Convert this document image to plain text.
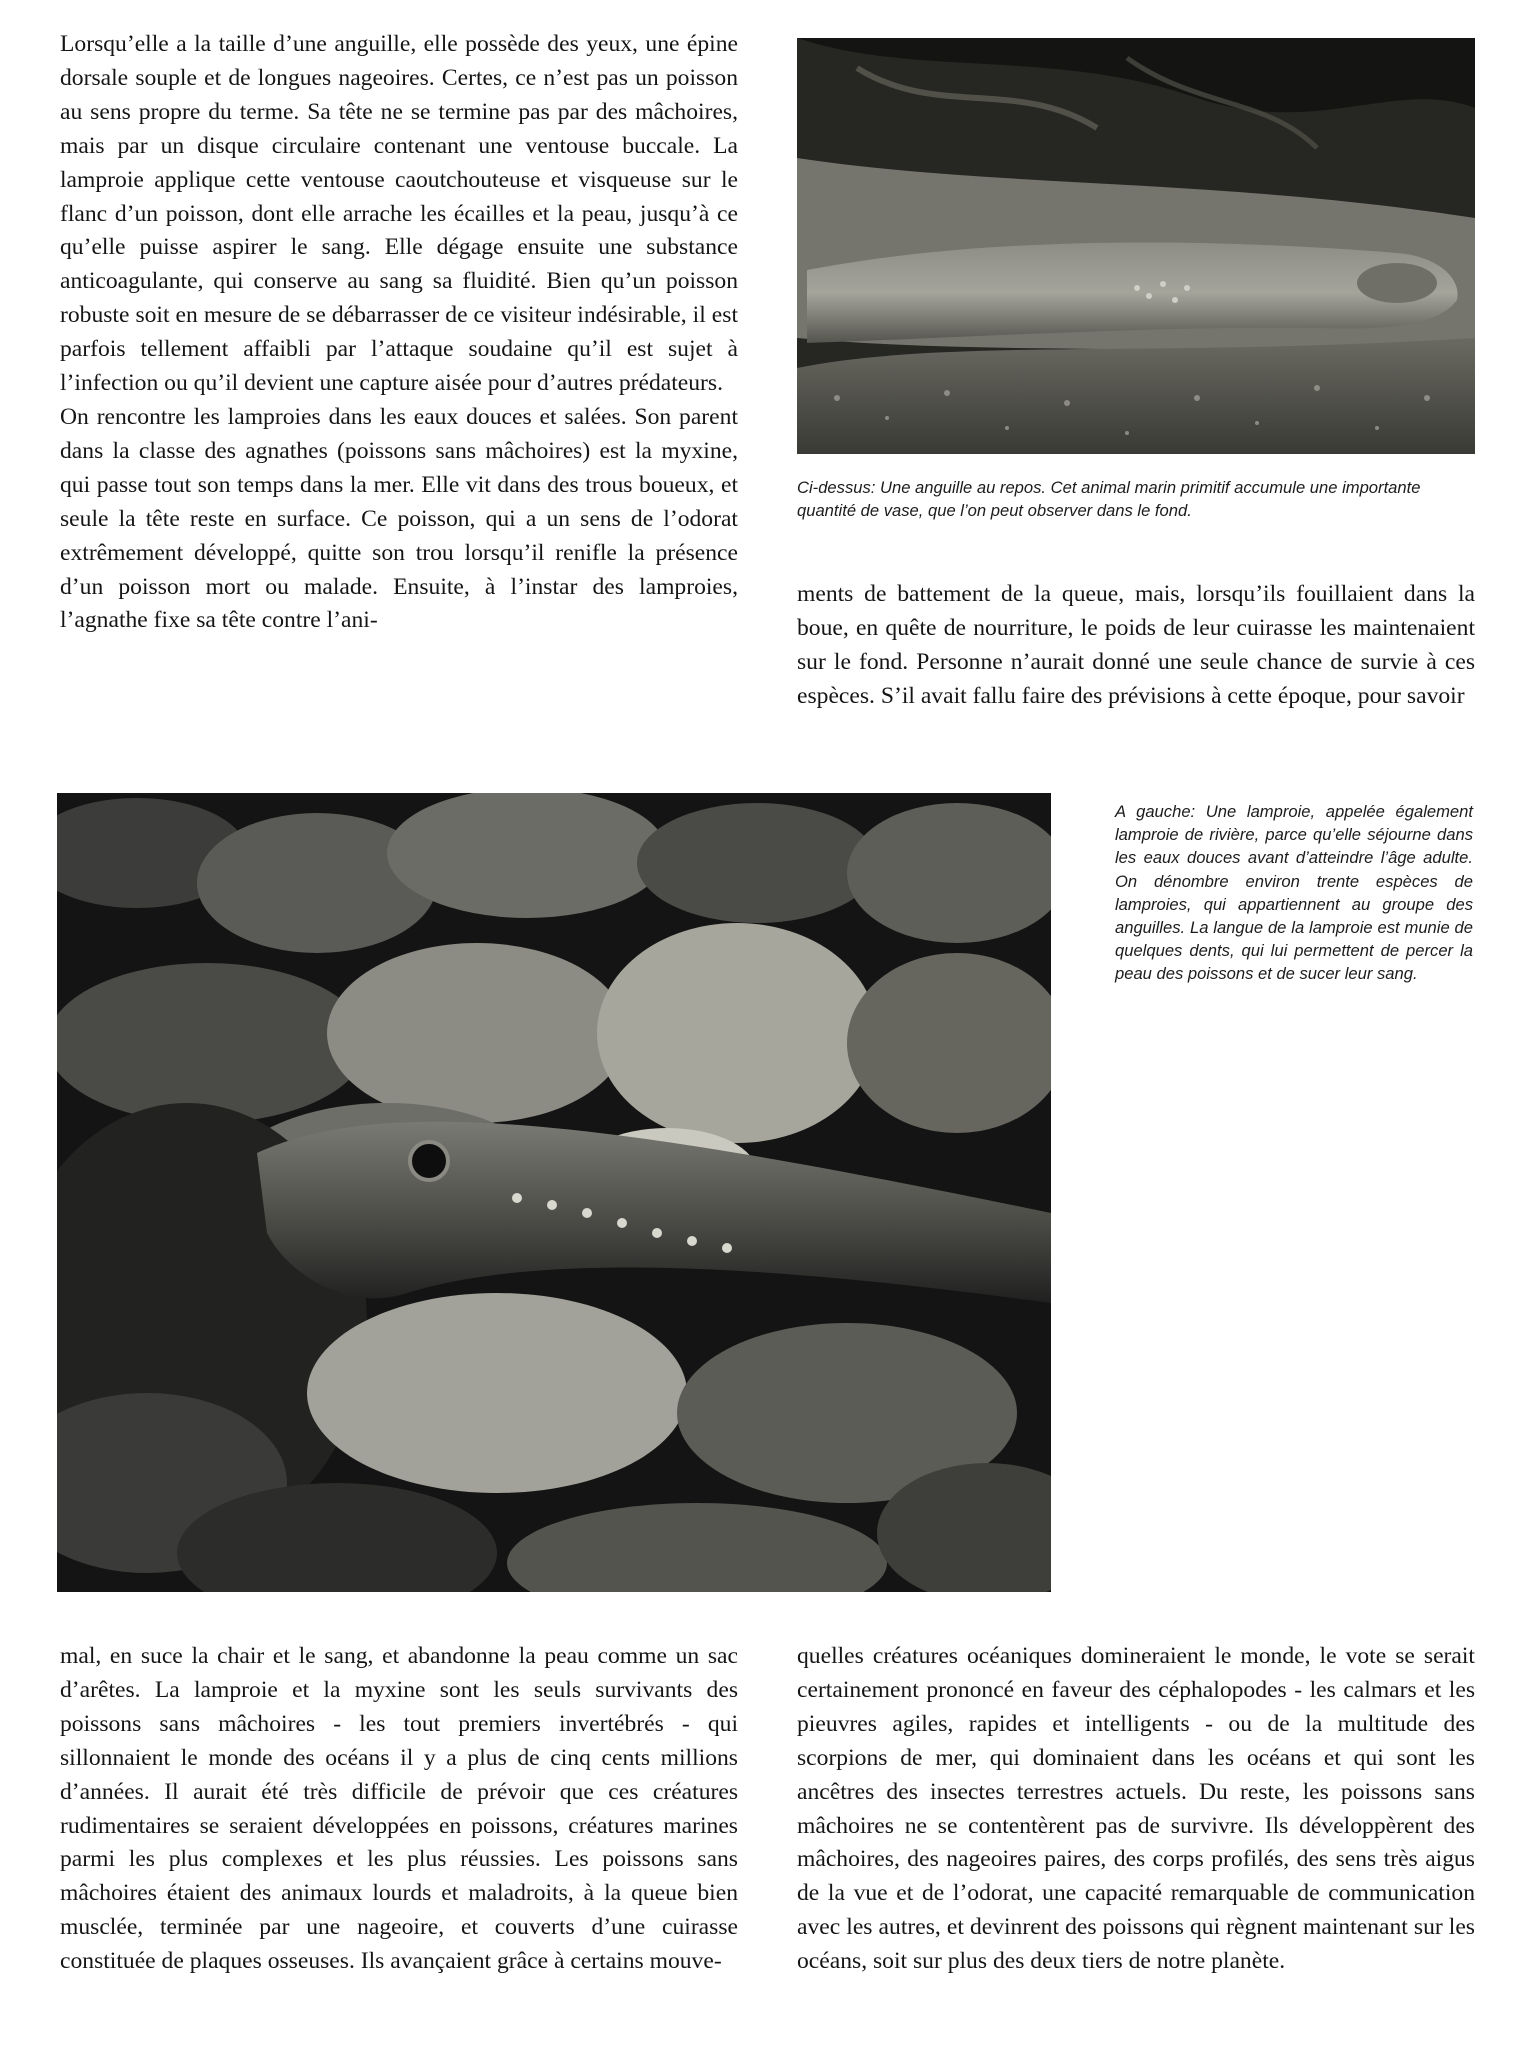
Lorsqu’elle a la taille d’une anguille, elle possède des yeux, une épine dorsale souple et de longues nageoires. Certes, ce n’est pas un poisson au sens propre du terme. Sa tête ne se termine pas par des mâchoires, mais par un disque circulaire contenant une ventouse buccale. La lamproie applique cette ventouse caoutchouteuse et visqueuse sur le flanc d’un poisson, dont elle arrache les écailles et la peau, jusqu’à ce qu’elle puisse aspirer le sang. Elle dégage ensuite une substance anticoagulante, qui conserve au sang sa fluidité. Bien qu’un poisson robuste soit en mesure de se débarrasser de ce visiteur indésirable, il est parfois tellement affaibli par l’attaque soudaine qu’il est sujet à l’infection ou qu’il devient une capture aisée pour d’autres prédateurs.

On rencontre les lamproies dans les eaux douces et salées. Son parent dans la classe des agnathes (poissons sans mâchoires) est la myxine, qui passe tout son temps dans la mer. Elle vit dans des trous boueux, et seule la tête reste en surface. Ce poisson, qui a un sens de l’odorat extrêmement développé, quitte son trou lorsqu’il renifle la présence d’un poisson mort ou malade. Ensuite, à l’instar des lamproies, l’agnathe fixe sa tête contre l’ani-

Ci-dessus: Une anguille au repos. Cet animal marin primitif accumule une importante quantité de vase, que l’on peut observer dans le fond.

ments de battement de la queue, mais, lorsqu’ils fouillaient dans la boue, en quête de nourriture, le poids de leur cuirasse les maintenaient sur le fond. Personne n’aurait donné une seule chance de survie à ces espèces. S’il avait fallu faire des prévisions à cette époque, pour savoir

A gauche: Une lamproie, appelée également lamproie de rivière, parce qu’elle séjourne dans les eaux douces avant d’atteindre l’âge adulte. On dénombre environ trente espèces de lamproies, qui appartiennent au groupe des anguilles. La langue de la lamproie est munie de quelques dents, qui lui permettent de percer la peau des poissons et de sucer leur sang.

mal, en suce la chair et le sang, et abandonne la peau comme un sac d’arêtes. La lamproie et la myxine sont les seuls survivants des poissons sans mâchoires - les tout premiers invertébrés - qui sillonnaient le monde des océans il y a plus de cinq cents millions d’années. Il aurait été très difficile de prévoir que ces créatures rudimentaires se seraient développées en poissons, créatures marines parmi les plus complexes et les plus réussies. Les poissons sans mâchoires étaient des animaux lourds et maladroits, à la queue bien musclée, terminée par une nageoire, et couverts d’une cuirasse constituée de plaques osseuses. Ils avançaient grâce à certains mouve-

quelles créatures océaniques domineraient le monde, le vote se serait certainement prononcé en faveur des céphalopodes - les calmars et les pieuvres agiles, rapides et intelligents - ou de la multitude des scorpions de mer, qui dominaient dans les océans et qui sont les ancêtres des insectes terrestres actuels. Du reste, les poissons sans mâchoires ne se contentèrent pas de survivre. Ils développèrent des mâchoires, des nageoires paires, des corps profilés, des sens très aigus de la vue et de l’odorat, une capacité remarquable de communication avec les autres, et devinrent des poissons qui règnent maintenant sur les océans, soit sur plus des deux tiers de notre planète.
